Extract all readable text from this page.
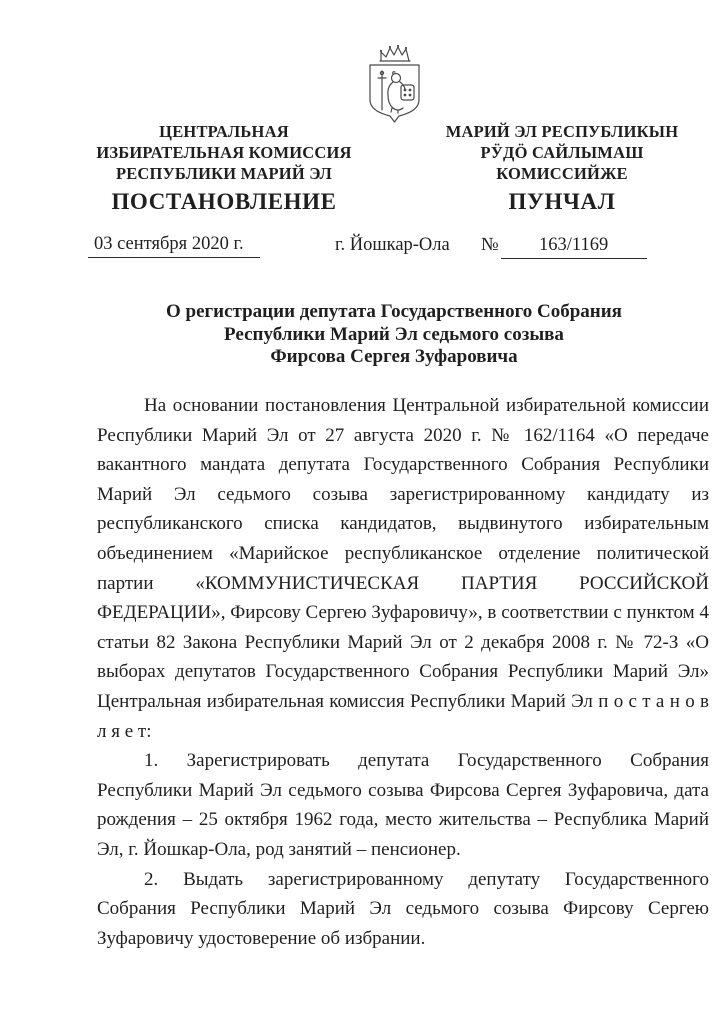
ЦЕНТРАЛЬНАЯ
ИЗБИРАТЕЛЬНАЯ КОМИССИЯ
РЕСПУБЛИКИ МАРИЙ ЭЛ
МАРИЙ ЭЛ РЕСПУБЛИКЫН
РӰДӦ САЙЛЫМАШ
КОМИССИЙЖЕ
ПОСТАНОВЛЕНИЕ	ПУНЧАЛ
03 сентября 2020 г.	г. Йошкар-Ола № 163/1169
О регистрации депутата Государственного Собрания
Республики Марий Эл седьмого созыва
Фирсова Сергея Зуфаровича

На основании постановления Центральной избирательной комиссии Республики Марий Эл от 27 августа 2020 г. № 162/1164 «О передаче вакантного мандата депутата Государственного Собрания Республики Марий Эл седьмого созыва зарегистрированному кандидату из республиканского списка кандидатов, выдвинутого избирательным объединением «Марийское республиканское отделение политической партии «КОММУНИСТИЧЕСКАЯ ПАРТИЯ РОССИЙСКОЙ ФЕДЕРАЦИИ», Фирсову Сергею Зуфаровичу», в соответствии с пунктом 4 статьи 82 Закона Республики Марий Эл от 2 декабря 2008 г. № 72-З «О выборах депутатов Государственного Собрания Республики Марий Эл» Центральная избирательная комиссия Республики Марий Эл п о с т а н о в л я е т:

1. Зарегистрировать депутата Государственного Собрания Республики Марий Эл седьмого созыва Фирсова Сергея Зуфаровича, дата рождения – 25 октября 1962 года, место жительства – Республика Марий Эл, г. Йошкар-Ола, род занятий – пенсионер.

2. Выдать зарегистрированному депутату Государственного Собрания Республики Марий Эл седьмого созыва Фирсову Сергею Зуфаровичу удостоверение об избрании.
